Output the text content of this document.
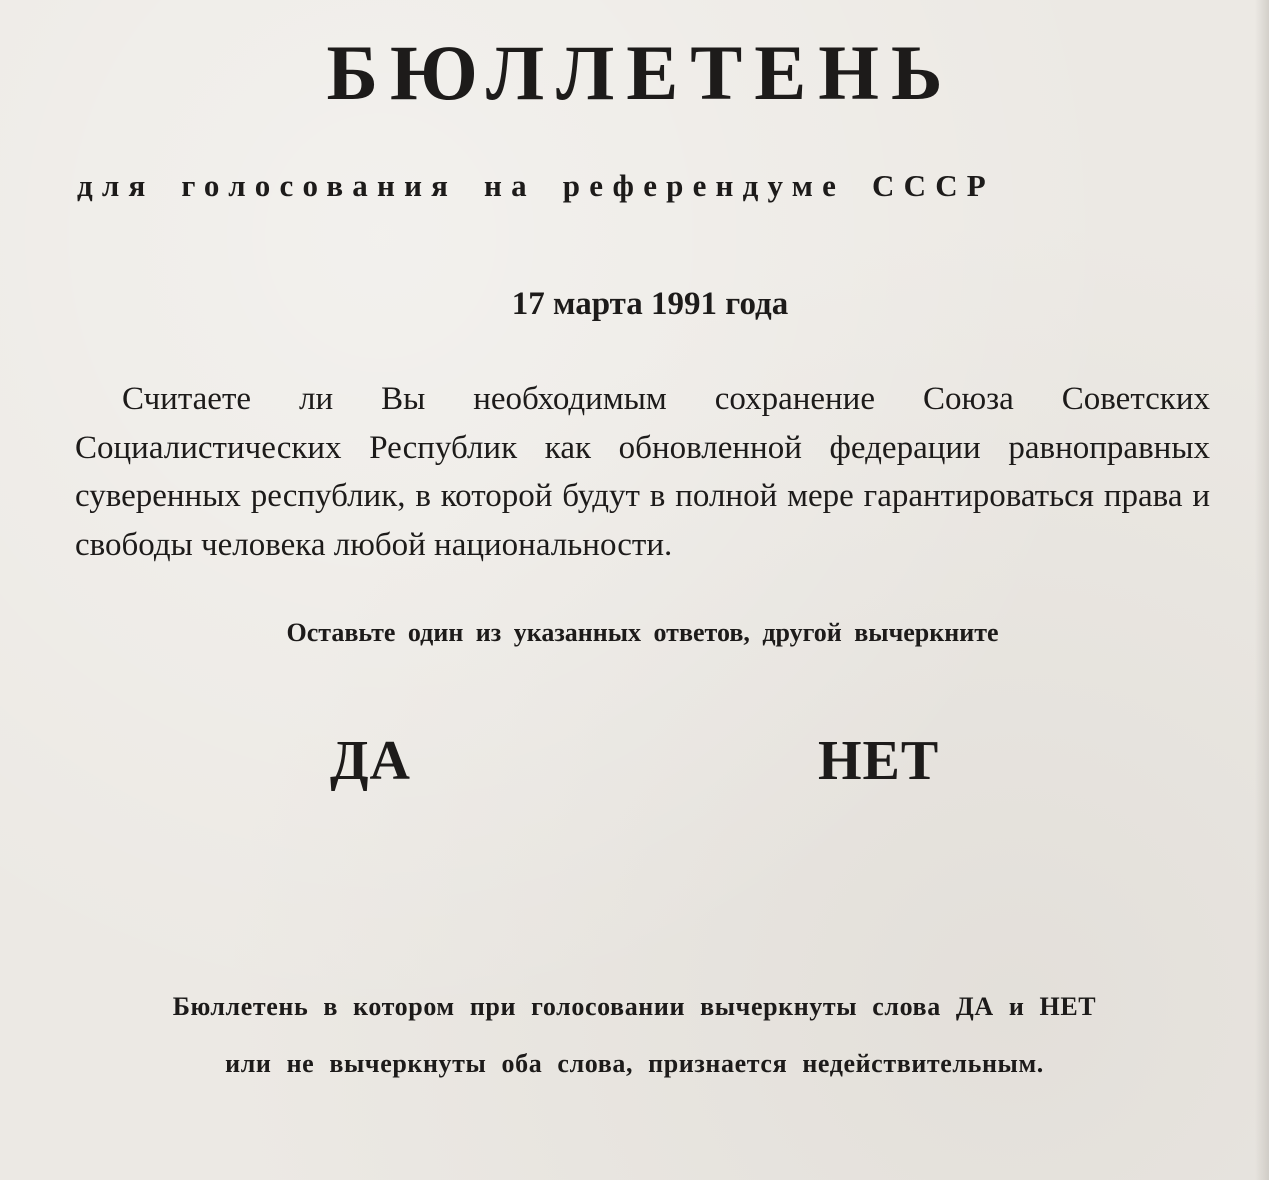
БЮЛЛЕТЕНЬ
для голосования на референдуме СССР
17 марта 1991 года
Считаете ли Вы необходимым сохранение Союза Советских Социалистических Республик как обновленной федерации равноправных суверенных республик, в которой будут в полной мере гарантироваться права и свободы человека любой национальности.
Оставьте один из указанных ответов, другой вычеркните
ДА	НЕТ
Бюллетень в котором при голосовании вычеркнуты слова ДА и НЕТ
или не вычеркнуты оба слова, признается недействительным.
